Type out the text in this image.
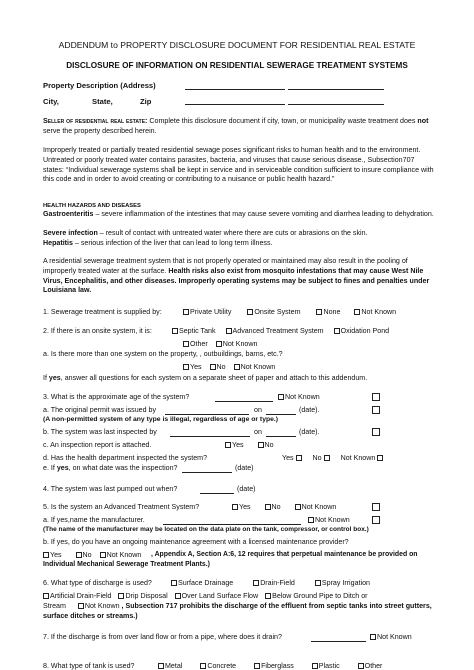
ADDENDUM to PROPERTY DISCLOSURE DOCUMENT FOR RESIDENTIAL REAL ESTATE
DISCLOSURE OF INFORMATION ON RESIDENTIAL SEWERAGE TREATMENT SYSTEMS
Property Description (Address)
City,	State,	Zip
Seller of residential real estate: Complete this disclosure document if city, town, or municipality waste treatment does not serve the property described herein.
Improperly treated or partially treated residential sewage poses significant risks to human health and to the environment. Untreated or poorly treated water contains parasites, bacteria, and viruses that cause serious disease., Subsection707 states: “Individual sewerage systems shall be kept in service and in serviceable condition sufficient to insure compliance with this code and in order to avoid creating or contributing to a nuisance or public health hazard.”
HEALTH HAZARDS AND DISEASES
Gastroenteritis – severe inflammation of the intestines that may cause severe vomiting and diarrhea leading to dehydration.
Severe infection – result of contact with untreated water where there are cuts or abrasions on the skin.
Hepatitis – serious infection of the liver that can lead to long term illness.
A residential sewerage treatment system that is not properly operated or maintained may also result in the pooling of improperly treated water at the surface. Health risks also exist from mosquito infestations that may cause West Nile Virus, Encephalitis, and other diseases. Improperly operating systems may be subject to fines and penalties under Louisiana law.
1. Sewerage treatment is supplied by:	Private Utility	Onsite System	None	Not Known
2. If there is an onsite system, it is:	Septic Tank Advanced Treatment System Oxidation Pond
Other Not Known
a. Is there more than one system on the property, , outbuildings, barns, etc.?
Yes No Not Known
If yes, answer all questions for each system on a separate sheet of paper and attach to this addendum.
3. What is the approximate age of the system?	Not Known
a. The original permit was issued by	on	(date).
(A non-permitted system of any type is illegal, regardless of age or type.)
b. The system was last inspected by	on	(date).
c. An inspection report is attached.	Yes	No
d. Has the health department inspected the system?	Yes	No	Not Known
e. If yes, on what date was the inspection?	(date)
4. The system was last pumped out when?	(date)
5. Is the system an Advanced Treatment System?	Yes	No	Not Known
a. If yes,name the manufacturer.	Not Known
(The name of the manufacturer may be located on the data plate on the tank, compressor, or control box.)
b. If yes, do you have an ongoing maintenance agreement with a licensed maintenance provider?
Yes	No Not Known	, Appendix A, Section A:6, 12 requires that perpetual maintenance be provided on Individual Mechanical Sewerage Treatment Plants.)
6. What type of discharge is used?	Surface Drainage	Drain-Field	Spray Irrigation
Artificial Drain-Field Drip Disposal Over Land Surface Flow Below Ground Pipe to Ditch or
Stream	Not Known , Subsection 717 prohibits the discharge of the effluent from septic tanks into street gutters, surface ditches or streams.)
7. If the discharge is from over land flow or from a pipe, where does it drain?	Not Known
8. What type of tank is used?	Metal	Concrete	Fiberglass	Plastic	Other
